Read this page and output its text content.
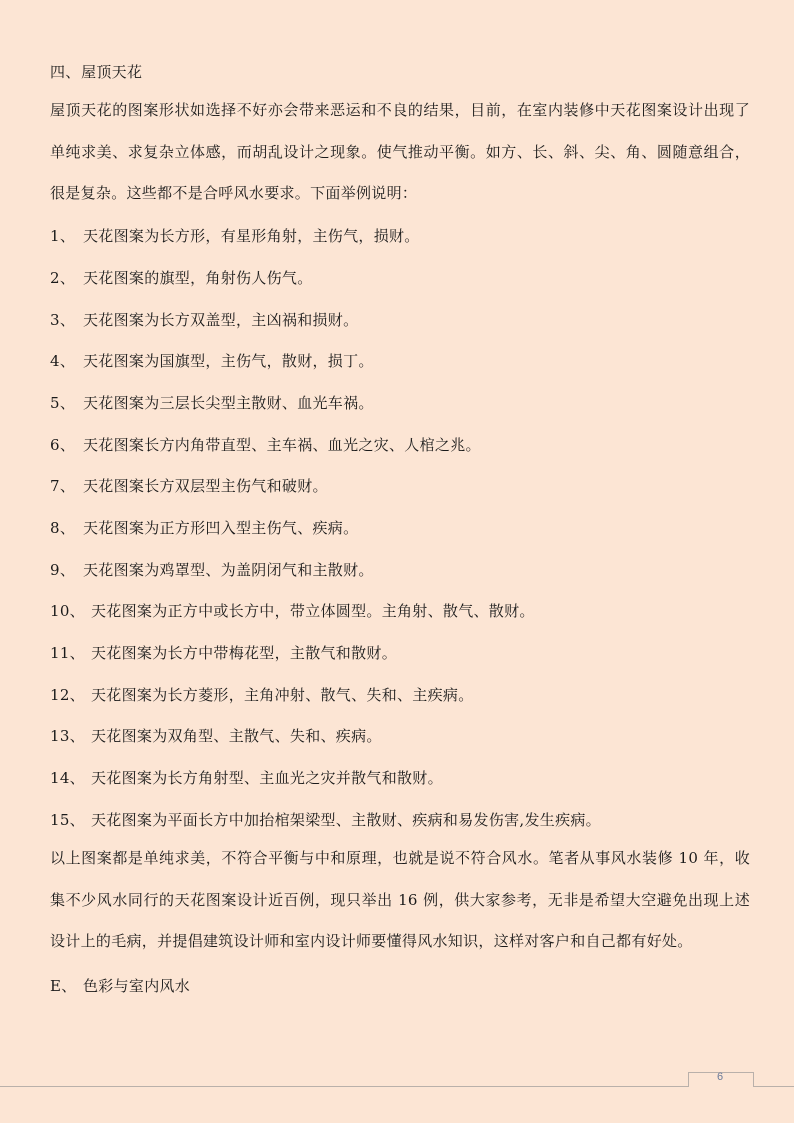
四、 屋顶天花
屋顶天花的图案形状如选择不好亦会带来恶运和不良的结果，目前，在室内装修中天花图案设计出现了单纯求美、求复杂立体感，而胡乱设计之现象。使气推动平衡。如方、长、斜、尖、角、圆随意组合，很是复杂。这些都不是合呼风水要求。下面举例说明：
1、 天花图案为长方形，有星形角射，主伤气，损财。
2、 天花图案的旗型，角射伤人伤气。
3、 天花图案为长方双盖型，主凶祸和损财。
4、 天花图案为国旗型，主伤气，散财，损丁。
5、 天花图案为三层长尖型主散财、血光车祸。
6、 天花图案长方内角带直型、主车祸、血光之灾、人棺之兆。
7、 天花图案长方双层型主伤气和破财。
8、 天花图案为正方形凹入型主伤气、疾病。
9、 天花图案为鸡罩型、为盖阴闭气和主散财。
10、 天花图案为正方中或长方中，带立体圆型。主角射、散气、散财。
11、 天花图案为长方中带梅花型，主散气和散财。
12、 天花图案为长方菱形，主角冲射、散气、失和、主疾病。
13、 天花图案为双角型、主散气、失和、疾病。
14、 天花图案为长方角射型、主血光之灾并散气和散财。
15、 天花图案为平面长方中加抬棺架梁型、主散财、疾病和易发伤害,发生疾病。
以上图案都是单纯求美，不符合平衡与中和原理，也就是说不符合风水。笔者从事风水装修 10 年，收集不少风水同行的天花图案设计近百例，现只举出 16 例，供大家参考，无非是希望大空避免出现上述设计上的毛病，并提倡建筑设计师和室内设计师要懂得风水知识，这样对客户和自己都有好处。
E、 色彩与室内风水
6
